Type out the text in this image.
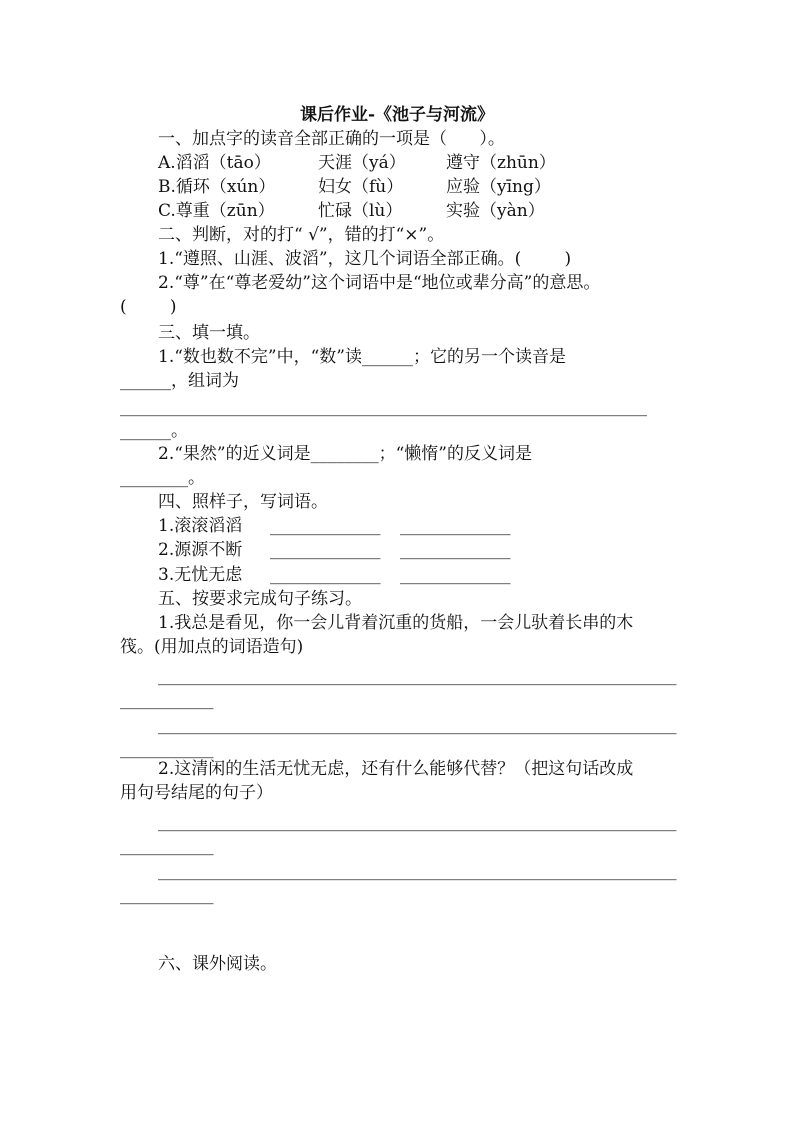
课后作业-《池子与河流》
一、加点字的读音全部正确的一项是（      ）。
A.滔滔（tāo）	天涯（yá） 遵守（zhūn）
B.循环（xún）	妇女（fù）	应验（yīng）
C.尊重（zūn）	忙碌（lù）	实验（yàn）
二、判断，对的打“ √”，错的打“×”。
1.“遵照、山涯、波滔”，这几个词语全部正确。(        )
2.“尊”在“尊老爱幼”这个词语中是“地位或辈分高”的意思。
(        )
三、填一填。
1.“数也数不完”中，“数”读______；它的另一个读音是
______，组词为
______________________________________________________________
______。
2.“果然”的近义词是________；“懒惰”的反义词是
________。
四、照样子，写词语。
1.滚滚滔滔 _____________	_____________
2.源源不断 _____________	_____________
3.无忧无虑 _____________	_____________
五、按要求完成句子练习。
1.我总是看见，你一会儿背着沉重的货船，一会儿驮着长串的木
筏。(用加点的词语造句)
_____________________________________________________________
___________
_____________________________________________________________
___________
2.这清闲的生活无忧无虑，还有什么能够代替？（把这句话改成
用句号结尾的句子）
_____________________________________________________________
___________
_____________________________________________________________
___________
六、课外阅读。
